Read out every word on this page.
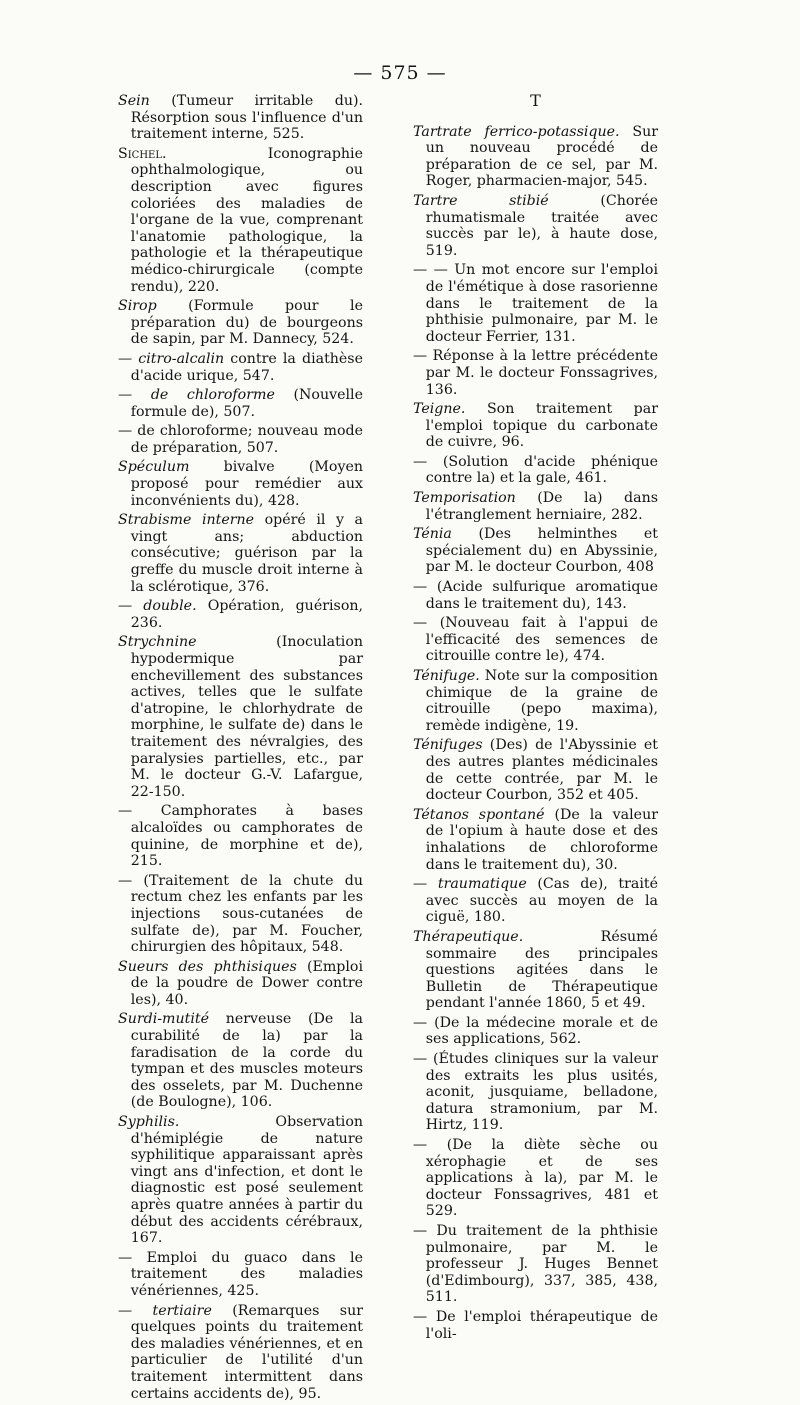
— 575 —

Sein (Tumeur irritable du). Résorption sous l'influence d'un traitement interne, 525.

Sichel. Iconographie ophthalmologique, ou description avec figures coloriées des maladies de l'organe de la vue, comprenant l'anatomie pathologique, la pathologie et la thérapeutique médico-chirurgicale (compte rendu), 220.

Sirop (Formule pour le préparation du) de bourgeons de sapin, par M. Dannecy, 524.

— citro-alcalin contre la diathèse d'acide urique, 547.

— de chloroforme (Nouvelle formule de), 507.

— de chloroforme; nouveau mode de préparation, 507.

Spéculum bivalve (Moyen proposé pour remédier aux inconvénients du), 428.

Strabisme interne opéré il y a vingt ans; abduction consécutive; guérison par la greffe du muscle droit interne à la sclérotique, 376.

— double. Opération, guérison, 236.

Strychnine (Inoculation hypodermique par enchevillement des substances actives, telles que le sulfate d'atropine, le chlorhydrate de morphine, le sulfate de) dans le traitement des névralgies, des paralysies partielles, etc., par M. le docteur G.-V. Lafargue, 22-150.

— Camphorates à bases alcaloïdes ou camphorates de quinine, de morphine et de), 215.

— (Traitement de la chute du rectum chez les enfants par les injections sous-cutanées de sulfate de), par M. Foucher, chirurgien des hôpitaux, 548.

Sueurs des phthisiques (Emploi de la poudre de Dower contre les), 40.

Surdi-mutité nerveuse (De la curabilité de la) par la faradisation de la corde du tympan et des muscles moteurs des osselets, par M. Duchenne (de Boulogne), 106.

Syphilis. Observation d'hémiplégie de nature syphilitique apparaissant après vingt ans d'infection, et dont le diagnostic est posé seulement après quatre années à partir du début des accidents cérébraux, 167.

— Emploi du guaco dans le traitement des maladies vénériennes, 425.

— tertiaire (Remarques sur quelques points du traitement des maladies vénériennes, et en particulier de l'utilité d'un traitement intermittent dans certains accidents de), 95.

T

Tartrate ferrico-potassique. Sur un nouveau procédé de préparation de ce sel, par M. Roger, pharmacien-major, 545.

Tartre stibié (Chorée rhumatismale traitée avec succès par le), à haute dose, 519.

— — Un mot encore sur l'emploi de l'émétique à dose rasorienne dans le traitement de la phthisie pulmonaire, par M. le docteur Ferrier, 131.

— Réponse à la lettre précédente par M. le docteur Fonssagrives, 136.

Teigne. Son traitement par l'emploi topique du carbonate de cuivre, 96.

— (Solution d'acide phénique contre la) et la gale, 461.

Temporisation (De la) dans l'étranglement herniaire, 282.

Ténia (Des helminthes et spécialement du) en Abyssinie, par M. le docteur Courbon, 408

— (Acide sulfurique aromatique dans le traitement du), 143.

— (Nouveau fait à l'appui de l'efficacité des semences de citrouille contre le), 474.

Ténifuge. Note sur la composition chimique de la graine de citrouille (pepo maxima), remède indigène, 19.

Ténifuges (Des) de l'Abyssinie et des autres plantes médicinales de cette contrée, par M. le docteur Courbon, 352 et 405.

Tétanos spontané (De la valeur de l'opium à haute dose et des inhalations de chloroforme dans le traitement du), 30.

— traumatique (Cas de), traité avec succès au moyen de la ciguë, 180.

Thérapeutique. Résumé sommaire des principales questions agitées dans le Bulletin de Thérapeutique pendant l'année 1860, 5 et 49.

— (De la médecine morale et de ses applications, 562.

— (Études cliniques sur la valeur des extraits les plus usités, aconit, jusquiame, belladone, datura stramonium, par M. Hirtz, 119.

— (De la diète sèche ou xérophagie et de ses applications à la), par M. le docteur Fonssagrives, 481 et 529.

— Du traitement de la phthisie pulmonaire, par M. le professeur J. Huges Bennet (d'Edimbourg), 337, 385, 438, 511.

— De l'emploi thérapeutique de l'oli-
